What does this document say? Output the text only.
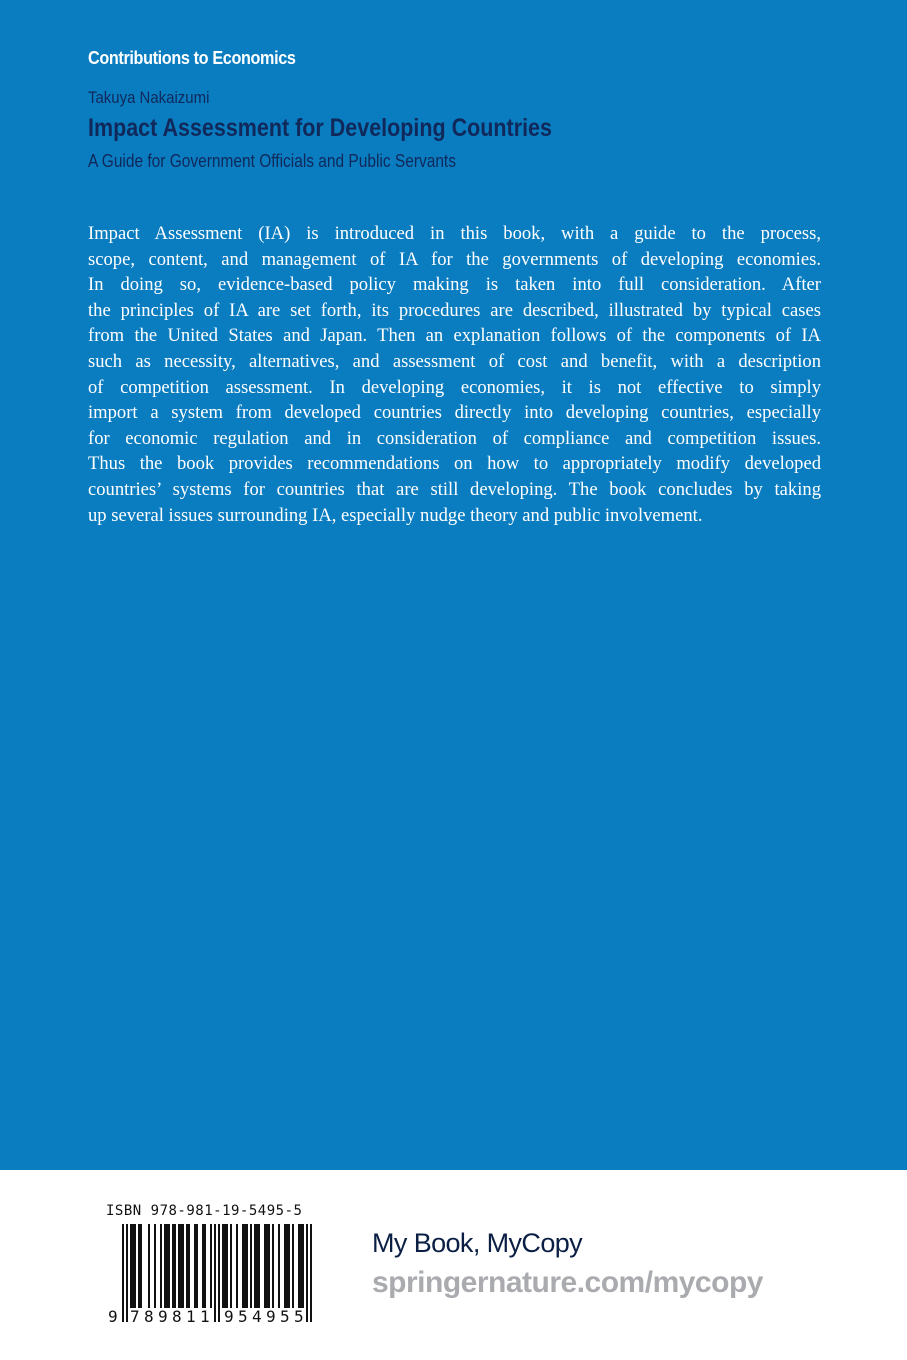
Contributions to Economics
Takuya Nakaizumi
Impact Assessment for Developing Countries
A Guide for Government Officials and Public Servants
Impact Assessment (IA) is introduced in this book, with a guide to the process,
scope, content, and management of IA for the governments of developing economies.
In doing so, evidence-based policy making is taken into full consideration. After
the principles of IA are set forth, its procedures are described, illustrated by typical cases
from the United States and Japan. Then an explanation follows of the components of IA
such as necessity, alternatives, and assessment of cost and benefit, with a description
of competition assessment. In developing economies, it is not effective to simply
import a system from developed countries directly into developing countries, especially
for economic regulation and in consideration of compliance and competition issues.
Thus the book provides recommendations on how to appropriately modify developed
countries’ systems for countries that are still developing. The book concludes by taking
up several issues surrounding IA, especially nudge theory and public involvement.
ISBN 978-981-19-5495-5
9 7 8 9 8 1 1 9 5 4 9 5 5
My Book, MyCopy
springernature.com/mycopy
